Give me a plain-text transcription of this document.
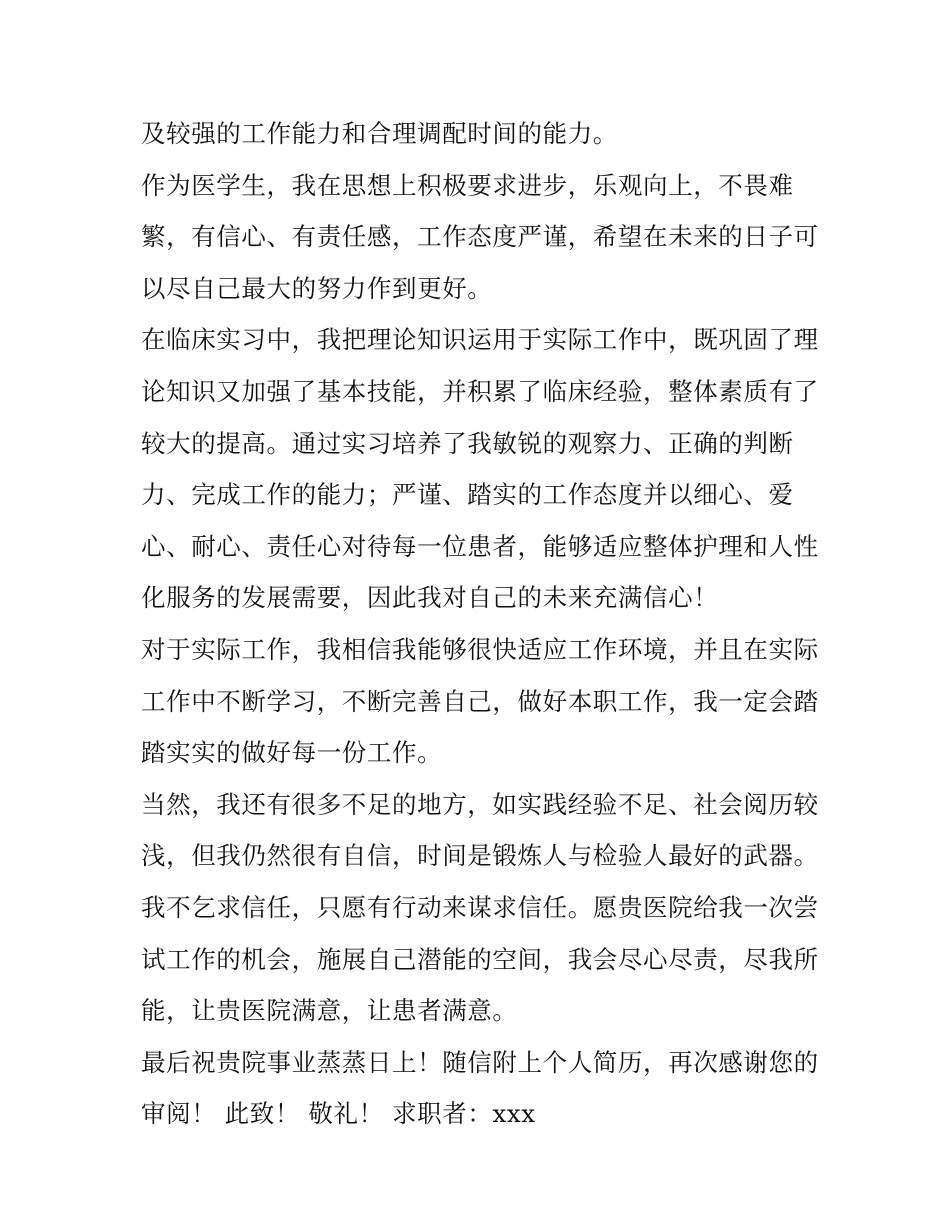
及较强的工作能力和合理调配时间的能力。
作为医学生，我在思想上积极要求进步，乐观向上，不畏难
繁，有信心、有责任感，工作态度严谨，希望在未来的日子可
以尽自己最大的努力作到更好。
在临床实习中，我把理论知识运用于实际工作中，既巩固了理
论知识又加强了基本技能，并积累了临床经验，整体素质有了
较大的提高。通过实习培养了我敏锐的观察力、正确的判断
力、完成工作的能力；严谨、踏实的工作态度并以细心、爱
心、耐心、责任心对待每一位患者，能够适应整体护理和人性
化服务的发展需要，因此我对自己的未来充满信心！
对于实际工作，我相信我能够很快适应工作环境，并且在实际
工作中不断学习，不断完善自己，做好本职工作，我一定会踏
踏实实的做好每一份工作。
当然，我还有很多不足的地方，如实践经验不足、社会阅历较
浅，但我仍然很有自信，时间是锻炼人与检验人最好的武器。
我不乞求信任，只愿有行动来谋求信任。愿贵医院给我一次尝
试工作的机会，施展自己潜能的空间，我会尽心尽责，尽我所
能，让贵医院满意，让患者满意。
最后祝贵院事业蒸蒸日上！随信附上个人简历，再次感谢您的
审阅！ 此致！ 敬礼！ 求职者：xxx
